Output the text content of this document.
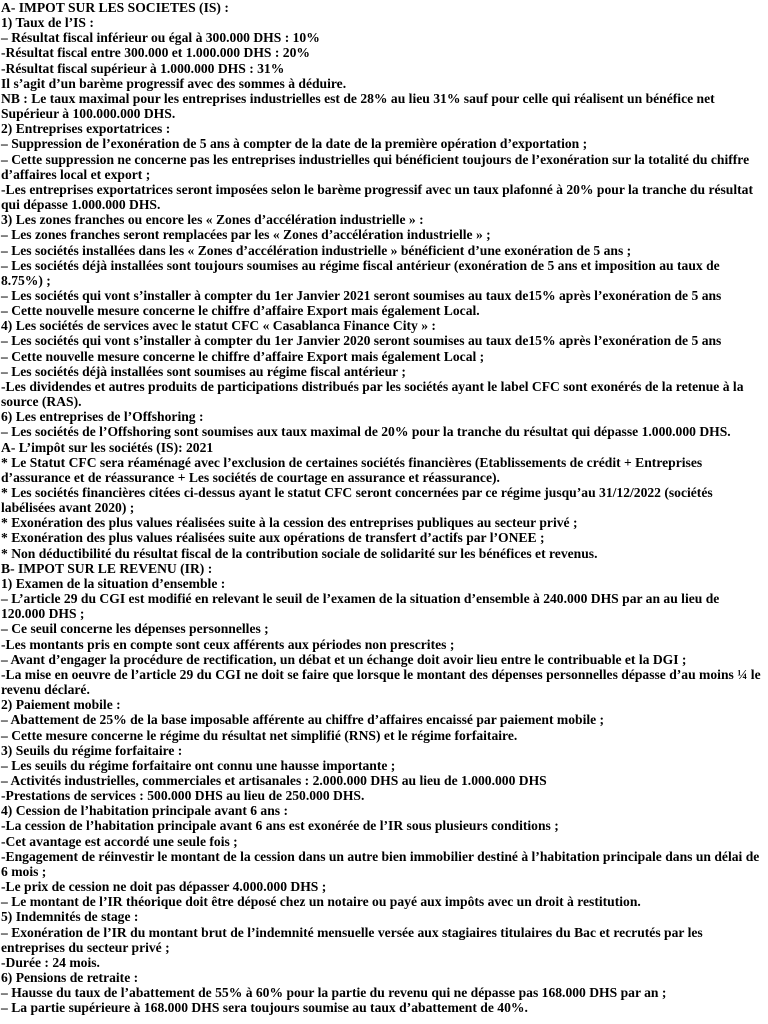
A- IMPOT SUR LES SOCIETES (IS) :

1) Taux de l’IS :

– Résultat fiscal inférieur ou égal à 300.000 DHS : 10%

-Résultat fiscal entre 300.000 et 1.000.000 DHS : 20%

-Résultat fiscal supérieur à 1.000.000 DHS : 31%

Il s’agit d’un barème progressif avec des sommes à déduire.

NB : Le taux maximal pour les entreprises industrielles est de 28% au lieu 31% sauf pour celle qui réalisent un bénéfice net Supérieur à 100.000.000 DHS.

2) Entreprises exportatrices :

– Suppression de l’exonération de 5 ans à compter de la date de la première opération d’exportation ;

– Cette suppression ne concerne pas les entreprises industrielles qui bénéficient toujours de l’exonération sur la totalité du chiffre d’affaires local et export ;

-Les entreprises exportatrices seront imposées selon le barème progressif avec un taux plafonné à 20% pour la tranche du résultat qui dépasse 1.000.000 DHS.

3) Les zones franches ou encore les « Zones d’accélération industrielle » :

– Les zones franches seront remplacées par les « Zones d’accélération industrielle » ;

– Les sociétés installées dans les « Zones d’accélération industrielle » bénéficient d’une exonération de 5 ans ;

– Les sociétés déjà installées sont toujours soumises au régime fiscal antérieur (exonération de 5 ans et imposition au taux de 8.75%) ;

– Les sociétés qui vont s’installer à compter du 1er Janvier 2021 seront soumises au taux de15% après l’exonération de 5 ans

– Cette nouvelle mesure concerne le chiffre d’affaire Export mais également Local.

4) Les sociétés de services avec le statut CFC « Casablanca Finance City » :

– Les sociétés qui vont s’installer à compter du 1er Janvier 2020 seront soumises au taux de15% après l’exonération de 5 ans

– Cette nouvelle mesure concerne le chiffre d’affaire Export mais également Local ;

– Les sociétés déjà installées sont soumises au régime fiscal antérieur ;

-Les dividendes et autres produits de participations distribués par les sociétés ayant le label CFC sont exonérés de la retenue à la source (RAS).

6) Les entreprises de l’Offshoring :

– Les sociétés de l’Offshoring sont soumises aux taux maximal de 20% pour la tranche du résultat qui dépasse 1.000.000 DHS.

A- L’impôt sur les sociétés (IS): 2021

* Le Statut CFC sera réaménagé avec l’exclusion de certaines sociétés financières (Etablissements de crédit + Entreprises d’assurance et de réassurance + Les sociétés de courtage en assurance et réassurance).

* Les sociétés financières citées ci-dessus ayant le statut CFC seront concernées par ce régime jusqu’au 31/12/2022 (sociétés labélisées avant 2020) ;

* Exonération des plus values réalisées suite à la cession des entreprises publiques au secteur privé ;

* Exonération des plus values réalisées suite aux opérations de transfert d’actifs par l’ONEE ;

* Non déductibilité du résultat fiscal de la contribution sociale de solidarité sur les bénéfices et revenus.

B- IMPOT SUR LE REVENU (IR) :

1) Examen de la situation d’ensemble :

– L’article 29 du CGI est modifié en relevant le seuil de l’examen de la situation d’ensemble à 240.000 DHS par an au lieu de 120.000 DHS ;

– Ce seuil concerne les dépenses personnelles ;

-Les montants pris en compte sont ceux afférents aux périodes non prescrites ;

– Avant d’engager la procédure de rectification, un débat et un échange doit avoir lieu entre le contribuable et la DGI ;

-La mise en oeuvre de l’article 29 du CGI ne doit se faire que lorsque le montant des dépenses personnelles dépasse d’au moins ¼ le revenu déclaré.

2) Paiement mobile :

– Abattement de 25% de la base imposable afférente au chiffre d’affaires encaissé par paiement mobile ;

– Cette mesure concerne le régime du résultat net simplifié (RNS) et le régime forfaitaire.

3) Seuils du régime forfaitaire :

– Les seuils du régime forfaitaire ont connu une hausse importante ;

– Activités industrielles, commerciales et artisanales : 2.000.000 DHS au lieu de 1.000.000 DHS

-Prestations de services : 500.000 DHS au lieu de 250.000 DHS.

4) Cession de l’habitation principale avant 6 ans :

-La cession de l’habitation principale avant 6 ans est exonérée de l’IR sous plusieurs conditions ;

-Cet avantage est accordé une seule fois ;

-Engagement de réinvestir le montant de la cession dans un autre bien immobilier destiné à l’habitation principale dans un délai de 6 mois ;

-Le prix de cession ne doit pas dépasser 4.000.000 DHS ;

– Le montant de l’IR théorique doit être déposé chez un notaire ou payé aux impôts avec un droit à restitution.

5) Indemnités de stage :

– Exonération de l’IR du montant brut de l’indemnité mensuelle versée aux stagiaires titulaires du Bac et recrutés par les entreprises du secteur privé ;

-Durée : 24 mois.

6) Pensions de retraite :

– Hausse du taux de l’abattement de 55% à 60% pour la partie du revenu qui ne dépasse pas 168.000 DHS par an ;

– La partie supérieure à 168.000 DHS sera toujours soumise au taux d’abattement de 40%.
